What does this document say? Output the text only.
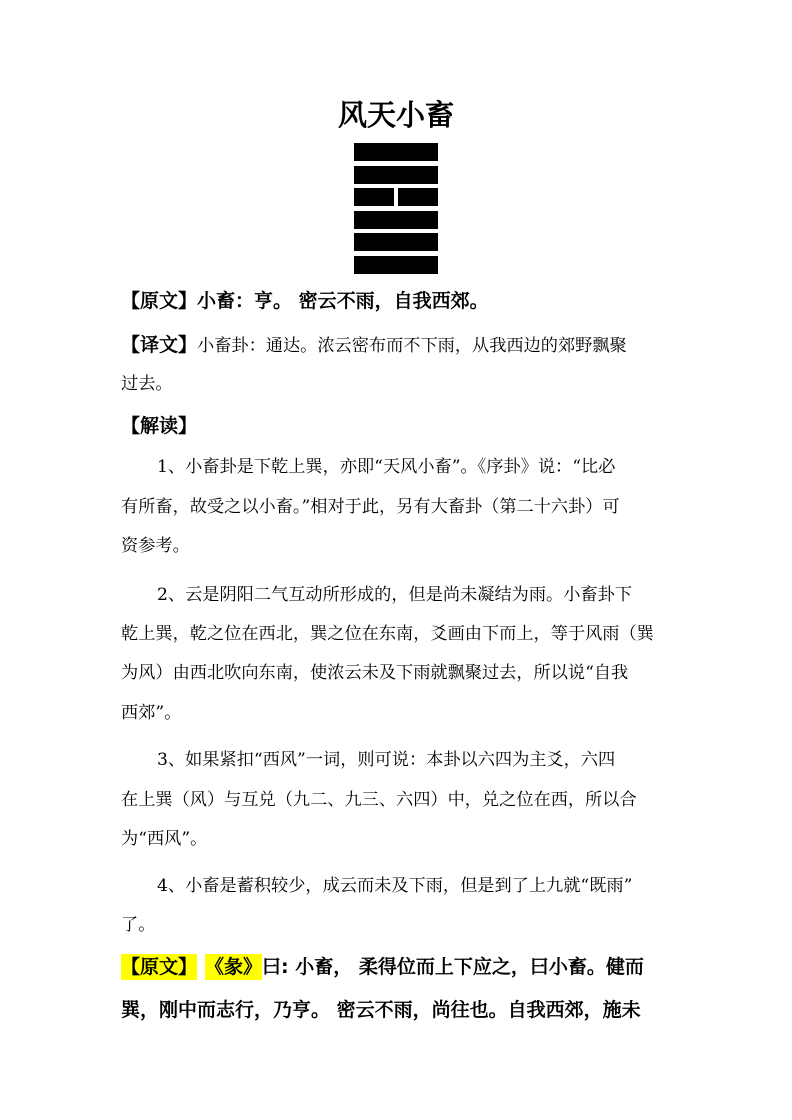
风天小畜
【原文】小畜：亨。 密云不雨，自我西郊。
【译文】小畜卦：通达。浓云密布而不下雨，从我西边的郊野飘聚
过去。
【解读】
1、小畜卦是下乾上巽，亦即“天风小畜”。《序卦》说：“比必
有所畜，故受之以小畜。”相对于此，另有大畜卦（第二十六卦）可
资参考。
2、云是阴阳二气互动所形成的，但是尚未凝结为雨。小畜卦下
乾上巽，乾之位在西北，巽之位在东南，爻画由下而上，等于风雨（巽
为风）由西北吹向东南，使浓云未及下雨就飘聚过去，所以说“自我
西郊”。
3、如果紧扣“西风”一词，则可说：本卦以六四为主爻，六四
在上巽（风）与互兑（九二、九三、六四）中，兑之位在西，所以合
为“西风”。
4、小畜是蓄积较少，成云而未及下雨，但是到了上九就“既雨”
了。
【原文】 《彖》曰: 小畜， 柔得位而上下应之，曰小畜。健而
巽，刚中而志行，乃亨。 密云不雨，尚往也。自我西郊，施未
